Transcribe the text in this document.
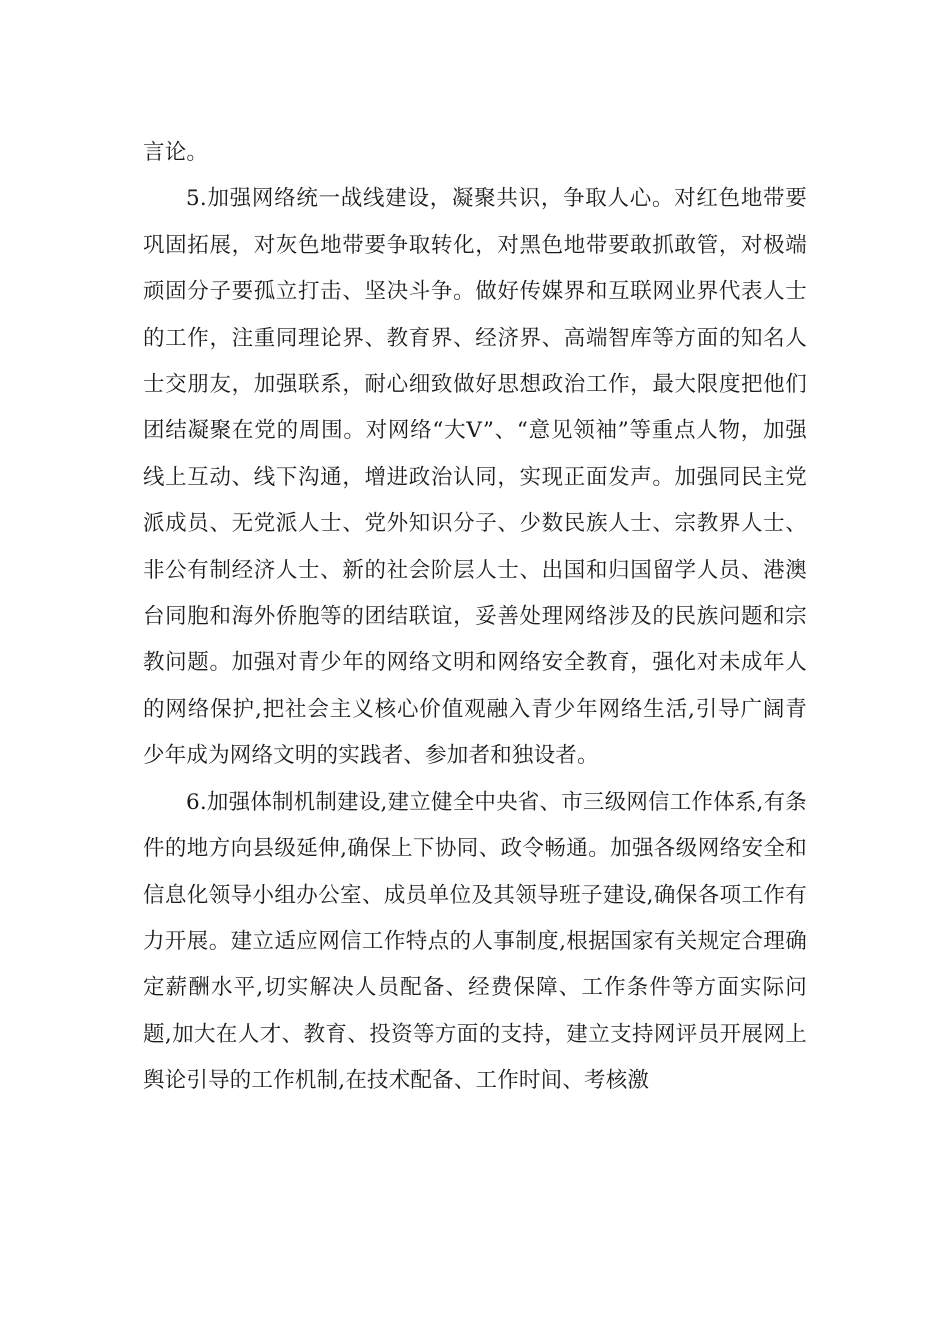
言论。

5.加强网络统一战线建设，凝聚共识，争取人心。对红色地带要巩固拓展，对灰色地带要争取转化，对黑色地带要敢抓敢管，对极端顽固分子要孤立打击、坚决斗争。做好传媒界和互联网业界代表人士的工作，注重同理论界、教育界、经济界、高端智库等方面的知名人士交朋友，加强联系，耐心细致做好思想政治工作，最大限度把他们团结凝聚在党的周围。对网络“大V”、“意见领袖”等重点人物，加强线上互动、线下沟通，增进政治认同，实现正面发声。加强同民主党派成员、无党派人士、党外知识分子、少数民族人士、宗教界人士、非公有制经济人士、新的社会阶层人士、出国和归国留学人员、港澳台同胞和海外侨胞等的团结联谊，妥善处理网络涉及的民族问题和宗教问题。加强对青少年的网络文明和网络安全教育，强化对未成年人的网络保护,把社会主义核心价值观融入青少年网络生活,引导广阔青少年成为网络文明的实践者、参加者和独设者。

6.加强体制机制建设,建立健全中央省、市三级网信工作体系,有条件的地方向县级延伸,确保上下协同、政令畅通。加强各级网络安全和信息化领导小组办公室、成员单位及其领导班子建设,确保各项工作有力开展。建立适应网信工作特点的人事制度,根据国家有关规定合理确定薪酬水平,切实解决人员配备、经费保障、工作条件等方面实际问题,加大在人才、教育、投资等方面的支持，建立支持网评员开展网上舆论引导的工作机制,在技术配备、工作时间、考核激
